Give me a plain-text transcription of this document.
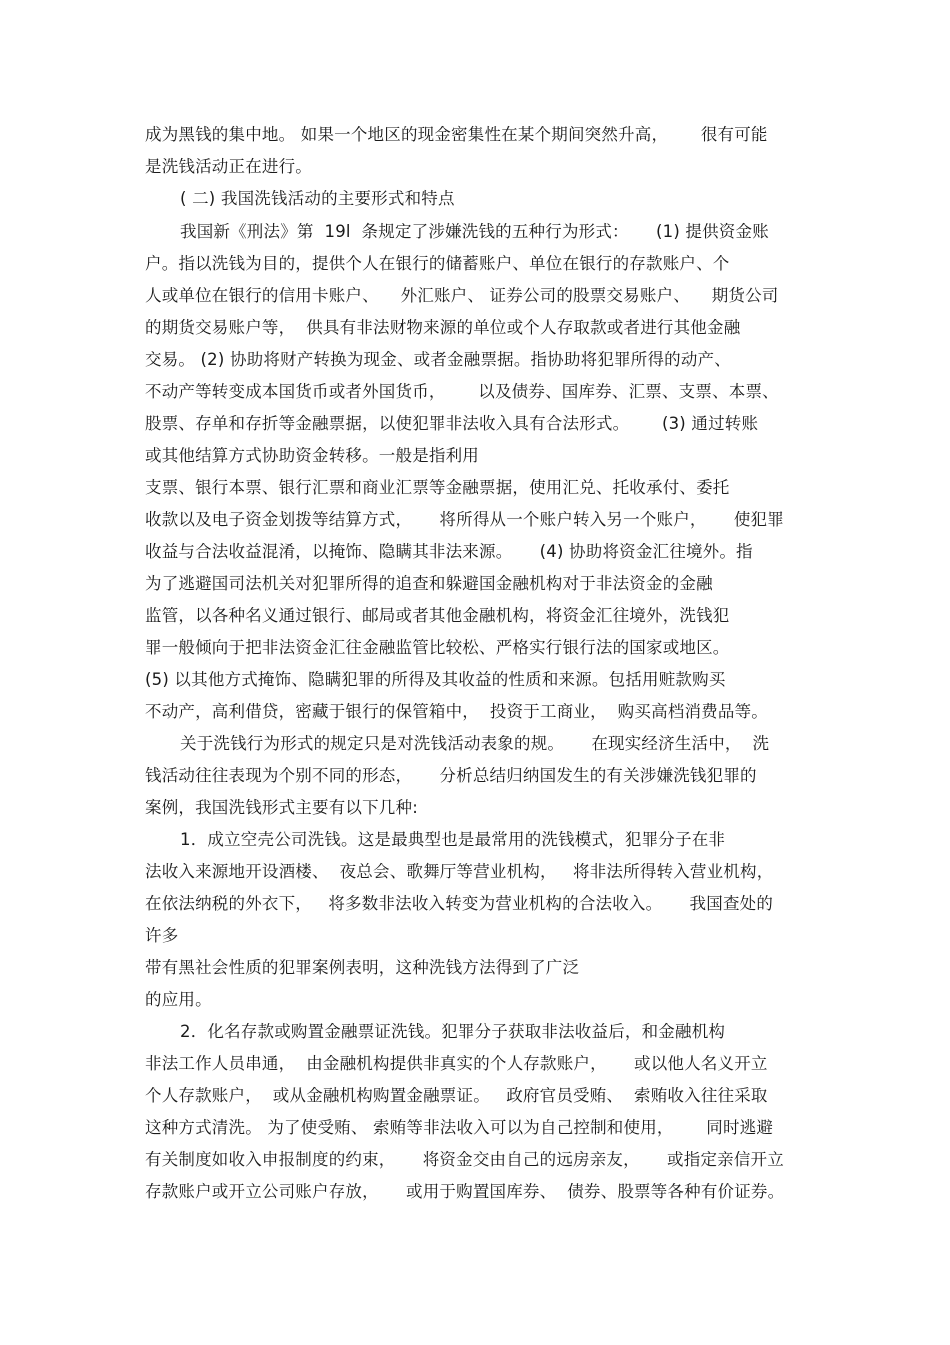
成为黑钱的集中地。 如果一个地区的现金密集性在某个期间突然升高，      很有可能

是洗钱活动正在进行。

( 二) 我国洗钱活动的主要形式和特点

我国新《刑法》第  19l  条规定了涉嫌洗钱的五种行为形式：     (1) 提供资金账

户。指以洗钱为目的，提供个人在银行的储蓄账户、单位在银行的存款账户、个

人或单位在银行的信用卡账户、    外汇账户、 证券公司的股票交易账户、    期货公司

的期货交易账户等，  供具有非法财物来源的单位或个人存取款或者进行其他金融

交易。 (2) 协助将财产转换为现金、或者金融票据。指协助将犯罪所得的动产、

不动产等转变成本国货币或者外国货币，      以及债券、国库券、汇票、支票、本票、

股票、存单和存折等金融票据，以使犯罪非法收入具有合法形式。      (3) 通过转账

或其他结算方式协助资金转移。一般是指利用

支票、银行本票、银行汇票和商业汇票等金融票据，使用汇兑、托收承付、委托

收款以及电子资金划拨等结算方式，     将所得从一个账户转入另一个账户，     使犯罪

收益与合法收益混淆，以掩饰、隐瞒其非法来源。     (4) 协助将资金汇往境外。指

为了逃避国司法机关对犯罪所得的追查和躲避国金融机构对于非法资金的金融

监管，以各种名义通过银行、邮局或者其他金融机构，将资金汇往境外，洗钱犯

罪一般倾向于把非法资金汇往金融监管比较松、严格实行银行法的国家或地区。

(5) 以其他方式掩饰、隐瞒犯罪的所得及其收益的性质和来源。包括用赃款购买

不动产，高利借贷，密藏于银行的保管箱中，  投资于工商业，  购买高档消费品等。

关于洗钱行为形式的规定只是对洗钱活动表象的规。     在现实经济生活中，  洗

钱活动往往表现为个别不同的形态，     分析总结归纳国发生的有关涉嫌洗钱犯罪的

案例，我国洗钱形式主要有以下几种:

1．成立空壳公司洗钱。这是最典型也是最常用的洗钱模式，犯罪分子在非

法收入来源地开设酒楼、  夜总会、歌舞厅等营业机构，   将非法所得转入营业机构，

在依法纳税的外衣下，   将多数非法收入转变为营业机构的合法收入。     我国查处的

许多

带有黑社会性质的犯罪案例表明，这种洗钱方法得到了广泛

的应用。

2．化名存款或购置金融票证洗钱。犯罪分子获取非法收益后，和金融机构

非法工作人员串通，  由金融机构提供非真实的个人存款账户，     或以他人名义开立

个人存款账户，  或从金融机构购置金融票证。   政府官员受贿、  索贿收入往往采取

这种方式清洗。 为了使受贿、 索贿等非法收入可以为自己控制和使用，      同时逃避

有关制度如收入申报制度的约束，     将资金交由自己的远房亲友，     或指定亲信开立

存款账户或开立公司账户存放，     或用于购置国库券、  债券、股票等各种有价证券。
